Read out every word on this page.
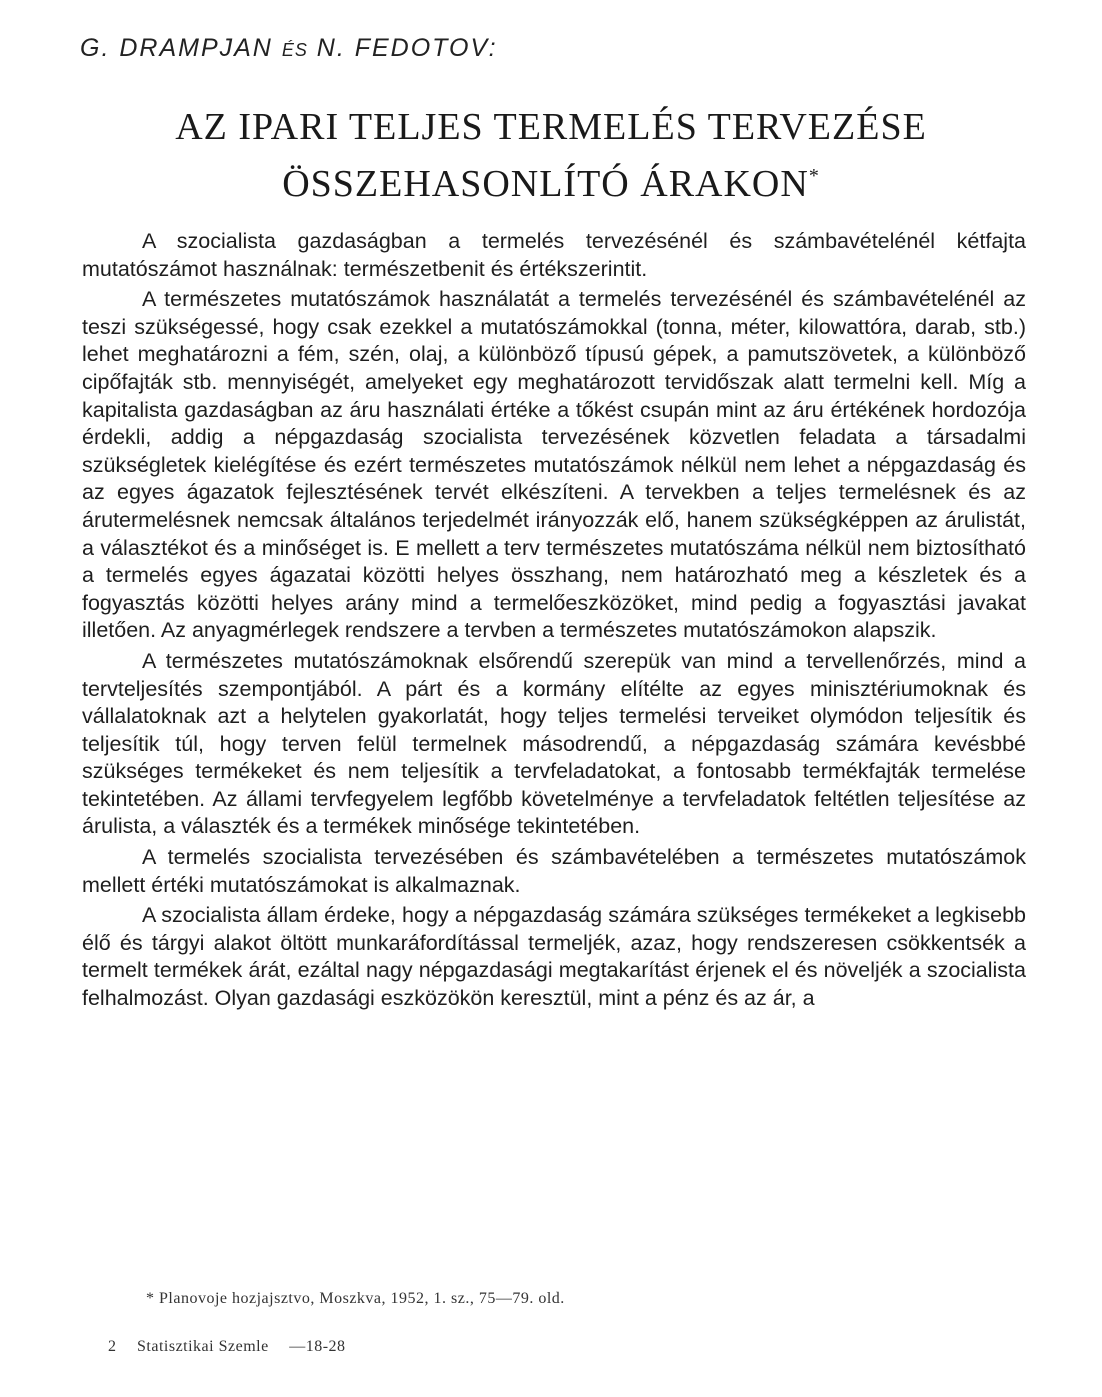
G. DRAMPJAN ÉS N. FEDOTOV:
AZ IPARI TELJES TERMELÉS TERVEZÉSE
ÖSSZEHASONLÍTÓ ÁRAKON*

A szocialista gazdaságban a termelés tervezésénél és számbavételénél kétfajta mutatószámot használnak: természetbenit és értékszerintit.

A természetes mutatószámok használatát a termelés tervezésénél és számbavételénél az teszi szükségessé, hogy csak ezekkel a mutatószámokkal (tonna, méter, kilowattóra, darab, stb.) lehet meghatározni a fém, szén, olaj, a különböző típusú gépek, a pamutszövetek, a különböző cipőfajták stb. mennyiségét, amelyeket egy meghatározott tervidőszak alatt termelni kell. Míg a kapitalista gazdaságban az áru használati értéke a tőkést csupán mint az áru értékének hordozója érdekli, addig a népgazdaság szocialista tervezésének közvetlen feladata a társadalmi szükségletek kielégítése és ezért természetes mutatószámok nélkül nem lehet a népgazdaság és az egyes ágazatok fejlesztésének tervét elkészíteni. A tervekben a teljes termelésnek és az árutermelésnek nemcsak általános terjedelmét irányozzák elő, hanem szükségképpen az árulistát, a választékot és a minőséget is. E mellett a terv természetes mutatószáma nélkül nem biztosítható a termelés egyes ágazatai közötti helyes összhang, nem határozható meg a készletek és a fogyasztás közötti helyes arány mind a termelőeszközöket, mind pedig a fogyasztási javakat illetően. Az anyagmérlegek rendszere a tervben a természetes mutatószámokon alapszik.

A természetes mutatószámoknak elsőrendű szerepük van mind a tervellenőrzés, mind a tervteljesítés szempontjából. A párt és a kormány elítélte az egyes minisztériumoknak és vállalatoknak azt a helytelen gyakorlatát, hogy teljes termelési terveiket olymódon teljesítik és teljesítik túl, hogy terven felül termelnek másodrendű, a népgazdaság számára kevésbbé szükséges termékeket és nem teljesítik a tervfeladatokat, a fontosabb termékfajták termelése tekintetében. Az állami tervfegyelem legfőbb követelménye a tervfeladatok feltétlen teljesítése az árulista, a választék és a termékek minősége tekintetében.

A termelés szocialista tervezésében és számbavételében a természetes mutatószámok mellett értéki mutatószámokat is alkalmaznak.

A szocialista állam érdeke, hogy a népgazdaság számára szükséges termékeket a legkisebb élő és tárgyi alakot öltött munkaráfordítással termeljék, azaz, hogy rendszeresen csökkentsék a termelt termékek árát, ezáltal nagy népgazdasági megtakarítást érjenek el és növeljék a szocialista felhalmozást. Olyan gazdasági eszközökön keresztül, mint a pénz és az ár, a

* Planovoje hozjajsztvo, Moszkva, 1952, 1. sz., 75—79. old.
2 Statisztikai Szemle —18-28
